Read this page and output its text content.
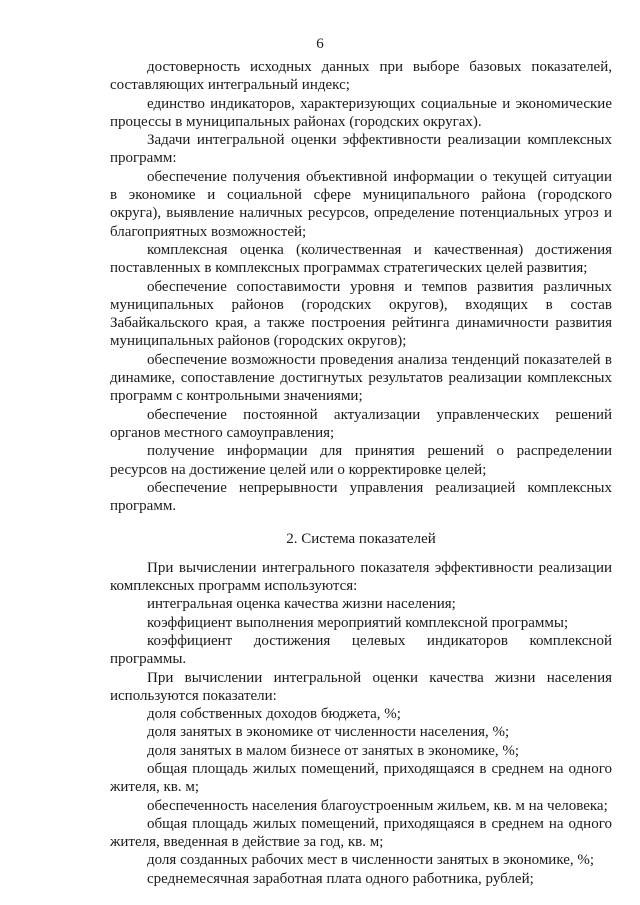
6
достоверность исходных данных при выборе базовых показателей,
составляющих интегральный индекс;
единство индикаторов, характеризующих социальные и экономические
процессы в муниципальных районах (городских округах).
Задачи интегральной оценки эффективности реализации комплексных
программ:
обеспечение получения объективной информации о текущей ситуации
в экономике и социальной сфере муниципального района (городского
округа), выявление наличных ресурсов, определение потенциальных угроз и
благоприятных возможностей;
комплексная оценка (количественная и качественная) достижения
поставленных в комплексных программах стратегических целей развития;
обеспечение сопоставимости уровня и темпов развития различных
муниципальных районов (городских округов), входящих в состав
Забайкальского края, а также построения рейтинга динамичности развития
муниципальных районов (городских округов);
обеспечение возможности проведения анализа тенденций показателей в
динамике, сопоставление достигнутых результатов реализации комплексных
программ с контрольными значениями;
обеспечение постоянной актуализации управленческих решений
органов местного самоуправления;
получение информации для принятия решений о распределении
ресурсов на достижение целей или о корректировке целей;
обеспечение непрерывности управления реализацией комплексных
программ.
2. Система показателей
При вычислении интегрального показателя эффективности реализации
комплексных программ используются:
интегральная оценка качества жизни населения;
коэффициент выполнения мероприятий комплексной программы;
коэффициент достижения целевых индикаторов комплексной
программы.
При вычислении интегральной оценки качества жизни населения
используются показатели:
доля собственных доходов бюджета, %;
доля занятых в экономике от численности населения, %;
доля занятых в малом бизнесе от занятых в экономике, %;
общая площадь жилых помещений, приходящаяся в среднем на одного
жителя, кв. м;
обеспеченность населения благоустроенным жильем, кв. м на человека;
общая площадь жилых помещений, приходящаяся в среднем на одного
жителя, введенная в действие за год, кв. м;
доля созданных рабочих мест в численности занятых в экономике, %;
среднемесячная заработная плата одного работника, рублей;
